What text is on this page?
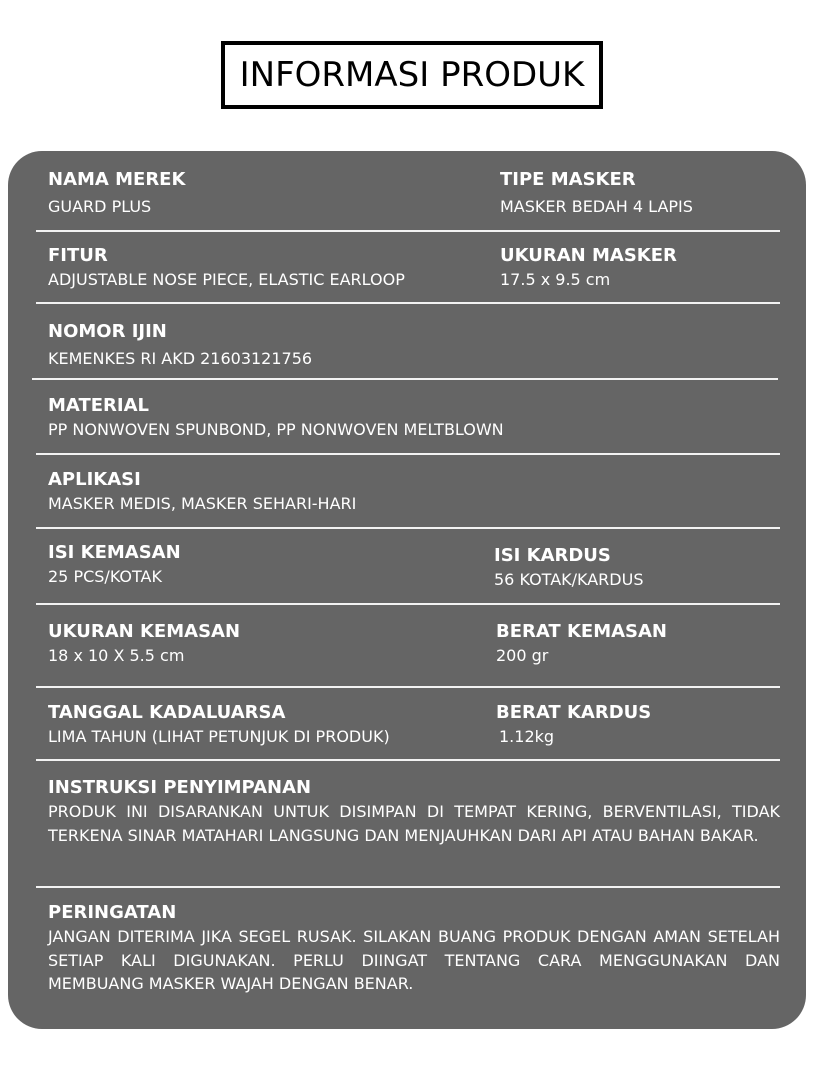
INFORMASI PRODUK
NAMA MEREK
GUARD PLUS
TIPE MASKER
MASKER BEDAH 4 LAPIS
FITUR
ADJUSTABLE NOSE PIECE, ELASTIC EARLOOP
UKURAN MASKER
17.5 x 9.5 cm
NOMOR IJIN
KEMENKES RI AKD 21603121756
MATERIAL
PP NONWOVEN SPUNBOND, PP NONWOVEN MELTBLOWN
APLIKASI
MASKER MEDIS, MASKER SEHARI-HARI
ISI KEMASAN
25 PCS/KOTAK
ISI KARDUS
56 KOTAK/KARDUS
UKURAN KEMASAN
18 x 10 X 5.5 cm
BERAT KEMASAN
200 gr
TANGGAL KADALUARSA
LIMA TAHUN (LIHAT PETUNJUK DI PRODUK)
BERAT KARDUS
1.12kg
INSTRUKSI PENYIMPANAN
PRODUK INI DISARANKAN UNTUK DISIMPAN DI TEMPAT KERING, BERVENTILASI, TIDAK TERKENA SINAR MATAHARI LANGSUNG DAN MENJAUHKAN DARI API ATAU BAHAN BAKAR.
PERINGATAN
JANGAN DITERIMA JIKA SEGEL RUSAK. SILAKAN BUANG PRODUK DENGAN AMAN SETELAH SETIAP KALI DIGUNAKAN. PERLU DIINGAT TENTANG CARA MENGGUNAKAN DAN MEMBUANG MASKER WAJAH DENGAN BENAR.
